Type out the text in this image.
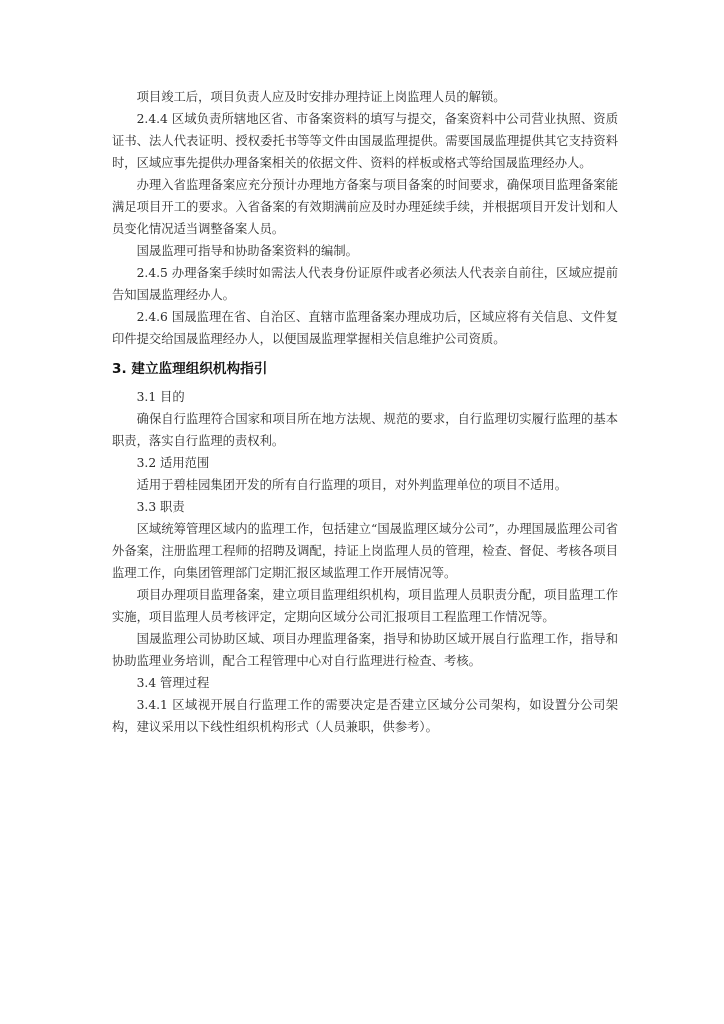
项目竣工后，项目负责人应及时安排办理持证上岗监理人员的解锁。

2.4.4 区域负责所辖地区省、市备案资料的填写与提交，备案资料中公司营业执照、资质证书、法人代表证明、授权委托书等等文件由国晟监理提供。需要国晟监理提供其它支持资料时，区域应事先提供办理备案相关的依据文件、资料的样板或格式等给国晟监理经办人。

办理入省监理备案应充分预计办理地方备案与项目备案的时间要求，确保项目监理备案能满足项目开工的要求。入省备案的有效期满前应及时办理延续手续，并根据项目开发计划和人员变化情况适当调整备案人员。

国晟监理可指导和协助备案资料的编制。

2.4.5 办理备案手续时如需法人代表身份证原件或者必须法人代表亲自前往，区域应提前告知国晟监理经办人。

2.4.6 国晟监理在省、自治区、直辖市监理备案办理成功后，区域应将有关信息、文件复印件提交给国晟监理经办人，以便国晟监理掌握相关信息维护公司资质。

3. 建立监理组织机构指引

3.1 目的

确保自行监理符合国家和项目所在地方法规、规范的要求，自行监理切实履行监理的基本职责，落实自行监理的责权利。

3.2 适用范围

适用于碧桂园集团开发的所有自行监理的项目，对外判监理单位的项目不适用。

3.3 职责

区域统筹管理区域内的监理工作，包括建立“国晟监理区域分公司”，办理国晟监理公司省外备案，注册监理工程师的招聘及调配，持证上岗监理人员的管理，检查、督促、考核各项目监理工作，向集团管理部门定期汇报区域监理工作开展情况等。

项目办理项目监理备案，建立项目监理组织机构，项目监理人员职责分配，项目监理工作实施，项目监理人员考核评定，定期向区域分公司汇报项目工程监理工作情况等。

国晟监理公司协助区域、项目办理监理备案，指导和协助区域开展自行监理工作，指导和协助监理业务培训，配合工程管理中心对自行监理进行检查、考核。

3.4 管理过程

3.4.1 区域视开展自行监理工作的需要决定是否建立区域分公司架构，如设置分公司架构，建议采用以下线性组织机构形式（人员兼职，供参考）。
